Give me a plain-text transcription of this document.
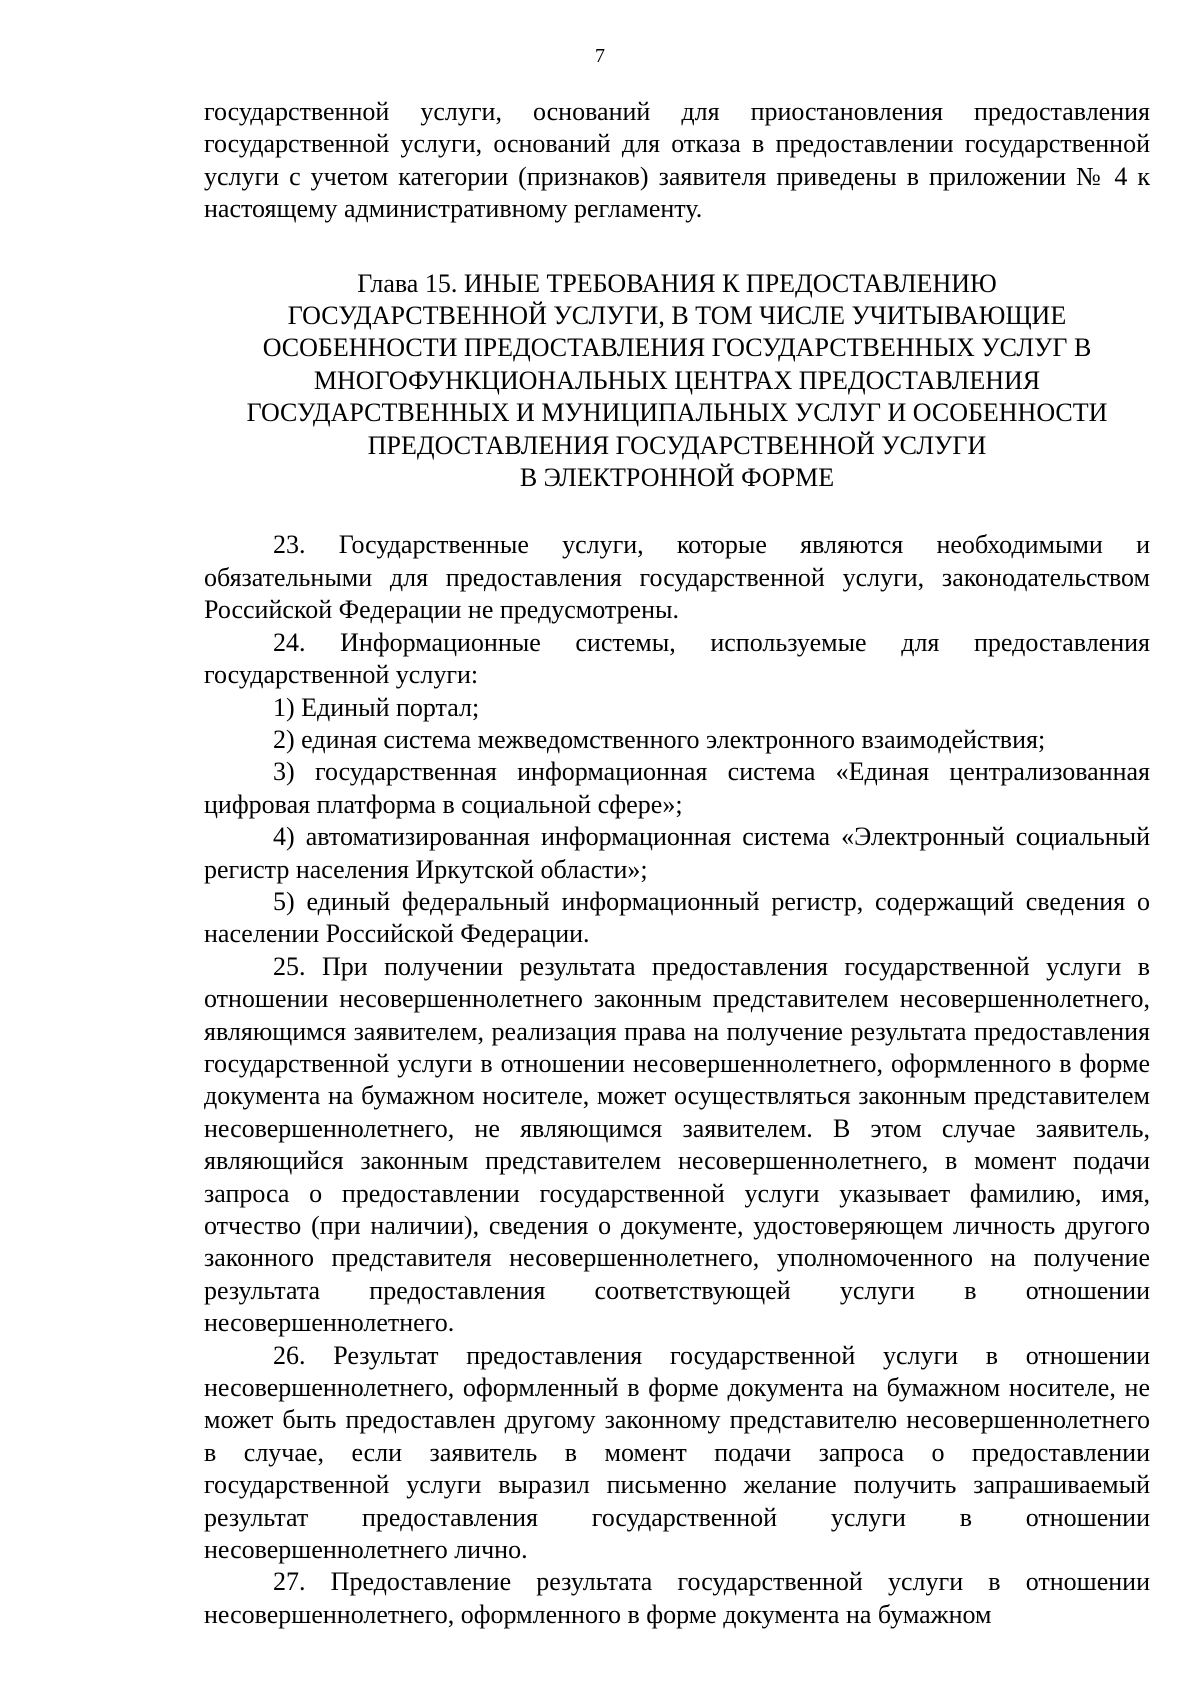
7

государственной услуги, оснований для приостановления предоставления государственной услуги, оснований для отказа в предоставлении государственной услуги с учетом категории (признаков) заявителя приведены в приложении № 4 к настоящему административному регламенту.

Глава 15. ИНЫЕ ТРЕБОВАНИЯ К ПРЕДОСТАВЛЕНИЮ
ГОСУДАРСТВЕННОЙ УСЛУГИ, В ТОМ ЧИСЛЕ УЧИТЫВАЮЩИЕ
ОСОБЕННОСТИ ПРЕДОСТАВЛЕНИЯ ГОСУДАРСТВЕННЫХ УСЛУГ В
МНОГОФУНКЦИОНАЛЬНЫХ ЦЕНТРАХ ПРЕДОСТАВЛЕНИЯ
ГОСУДАРСТВЕННЫХ И МУНИЦИПАЛЬНЫХ УСЛУГ И ОСОБЕННОСТИ
ПРЕДОСТАВЛЕНИЯ ГОСУДАРСТВЕННОЙ УСЛУГИ
В ЭЛЕКТРОННОЙ ФОРМЕ

23. Государственные услуги, которые являются необходимыми и обязательными для предоставления государственной услуги, законодательством Российской Федерации не предусмотрены.

24. Информационные системы, используемые для предоставления государственной услуги:

1) Единый портал;

2) единая система межведомственного электронного взаимодействия;

3) государственная информационная система «Единая централизованная цифровая платформа в социальной сфере»;

4) автоматизированная информационная система «Электронный социальный регистр населения Иркутской области»;

5) единый федеральный информационный регистр, содержащий сведения о населении Российской Федерации.

25. При получении результата предоставления государственной услуги в отношении несовершеннолетнего законным представителем несовершеннолетнего, являющимся заявителем, реализация права на получение результата предоставления государственной услуги в отношении несовершеннолетнего, оформленного в форме документа на бумажном носителе, может осуществляться законным представителем несовершеннолетнего, не являющимся заявителем. В этом случае заявитель, являющийся законным представителем несовершеннолетнего, в момент подачи запроса о предоставлении государственной услуги указывает фамилию, имя, отчество (при наличии), сведения о документе, удостоверяющем личность другого законного представителя несовершеннолетнего, уполномоченного на получение результата предоставления соответствующей услуги в отношении несовершеннолетнего.

26. Результат предоставления государственной услуги в отношении несовершеннолетнего, оформленный в форме документа на бумажном носителе, не может быть предоставлен другому законному представителю несовершеннолетнего в случае, если заявитель в момент подачи запроса о предоставлении государственной услуги выразил письменно желание получить запрашиваемый результат предоставления государственной услуги в отношении несовершеннолетнего лично.

27. Предоставление результата государственной услуги в отношении несовершеннолетнего, оформленного в форме документа на бумажном
